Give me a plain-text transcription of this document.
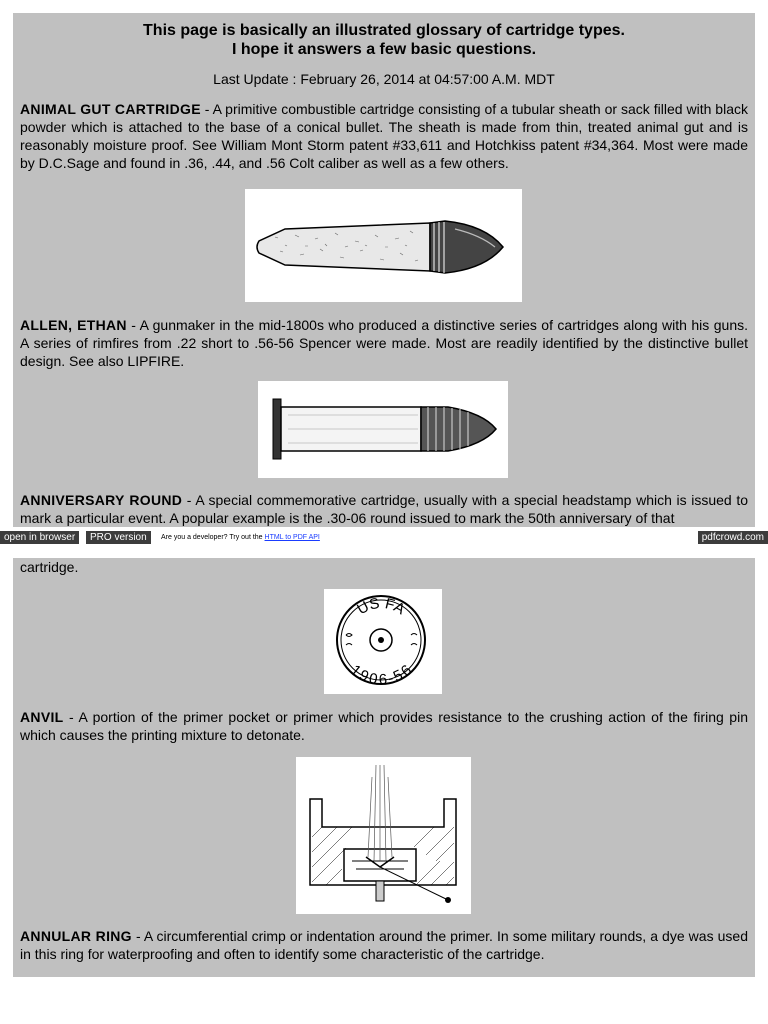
This page is basically an illustrated glossary of cartridge types.
I hope it answers a few basic questions.

Last Update : February 26, 2014 at 04:57:00 A.M. MDT

ANIMAL GUT CARTRIDGE - A primitive combustible cartridge consisting of a tubular sheath or sack filled with black powder which is attached to the base of a conical bullet. The sheath is made from thin, treated animal gut and is reasonably moisture proof. See William Mont Storm patent #33,611 and Hotchkiss patent #34,364. Most were made by D.C.Sage and found in .36, .44, and .56 Colt caliber as well as a few others.

ALLEN, ETHAN - A gunmaker in the mid-1800s who produced a distinctive series of cartridges along with his guns. A series of rimfires from .22 short to .56-56 Spencer were made. Most are readily identified by the distinctive bullet design. See also LIPFIRE.

ANNIVERSARY ROUND - A special commemorative cartridge, usually with a special headstamp which is issued to mark a particular event. A popular example is the .30-06 round issued to mark the 50th anniversary of that

open in browser	PRO version	Are you a developer? Try out the HTML to PDF API	pdfcrowd.com

cartridge.

ANVIL - A portion of the primer pocket or primer which provides resistance to the crushing action of the firing pin which causes the printing mixture to detonate.

ANNULAR RING - A circumferential crimp or indentation around the primer. In some military rounds, a dye was used in this ring for waterproofing and often to identify some characteristic of the cartridge.

US FA
1906-56
